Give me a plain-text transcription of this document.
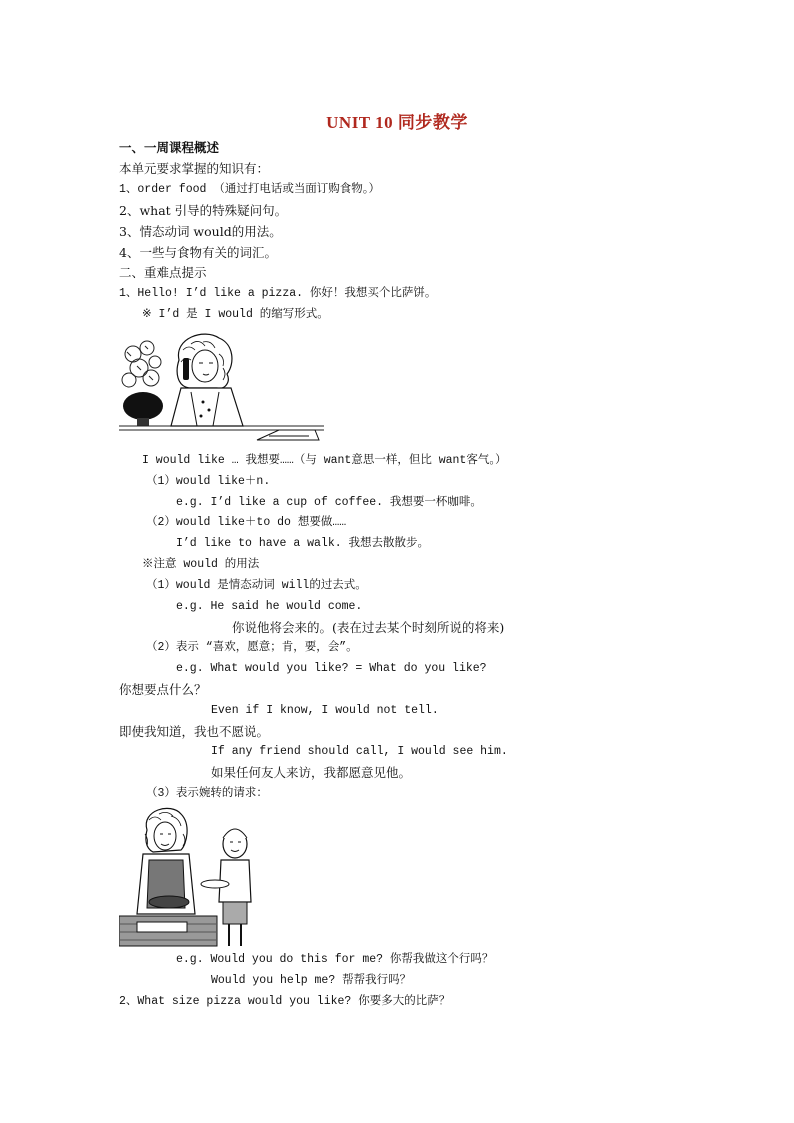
UNIT 10 同步教学
一、一周课程概述
本单元要求掌握的知识有：
1、order food （通过打电话或当面订购食物。）
2、what 引导的特殊疑问句。
3、情态动词 would的用法。
4、一些与食物有关的词汇。
二、重难点提示
1、Hello! I’d like a pizza. 你好！我想买个比萨饼。
※ I’d 是 I would 的缩写形式。
I would like … 我想要……（与 want意思一样，但比 want客气。）
（1）would like＋n.
e.g. I’d like a cup of coffee. 我想要一杯咖啡。
（2）would like＋to do 想要做……
I’d like to have a walk. 我想去散散步。
※注意 would 的用法
（1）would 是情态动词 will的过去式。
e.g. He said he would come.
你说他将会来的。(表在过去某个时刻所说的将来)
（2）表示 “喜欢，愿意；肯，要，会”。
e.g. What would you like? = What do you like?
你想要点什么？
Even if I know, I would not tell.
即使我知道，我也不愿说。
If any friend should call, I would see him.
如果任何友人来访，我都愿意见他。
（3）表示婉转的请求：
e.g. Would you do this for me? 你帮我做这个行吗？
Would you help me? 帮帮我行吗？
2、What size pizza would you like? 你要多大的比萨？
